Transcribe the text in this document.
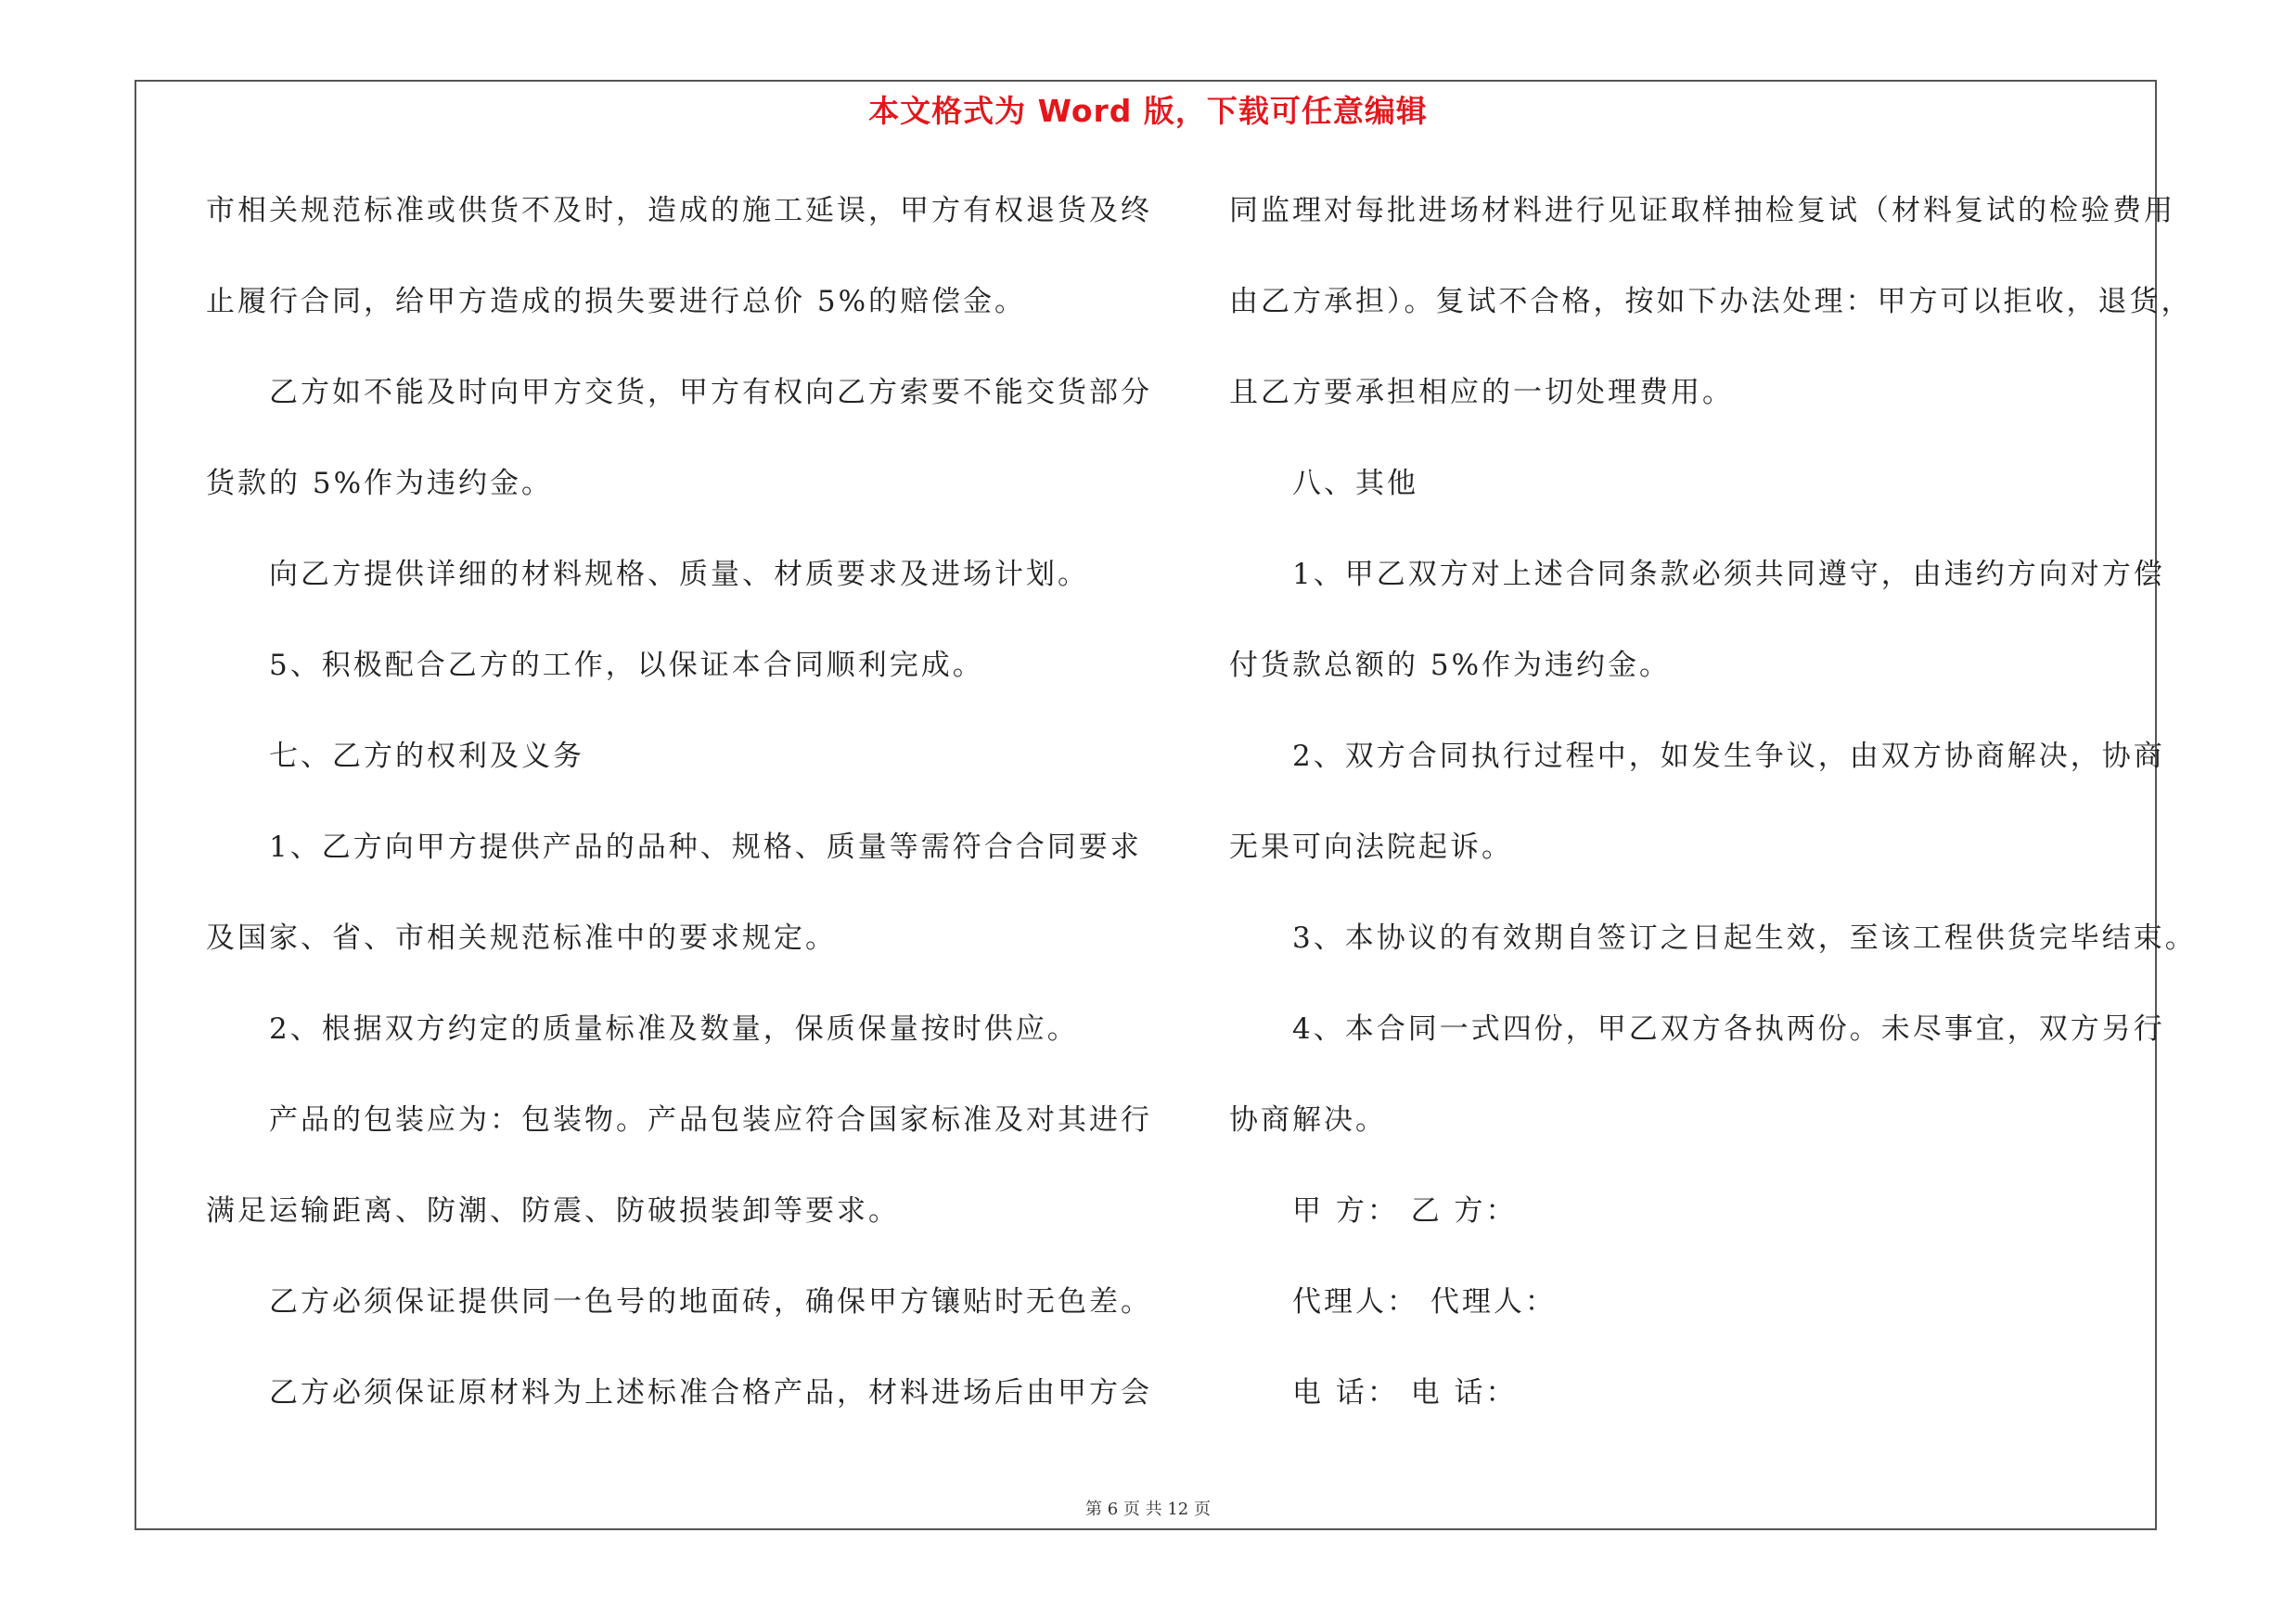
本文格式为 Word 版，下载可任意编辑
市相关规范标准或供货不及时，造成的施工延误，甲方有权退货及终
止履行合同，给甲方造成的损失要进行总价 5%的赔偿金。
乙方如不能及时向甲方交货，甲方有权向乙方索要不能交货部分
货款的 5%作为违约金。
向乙方提供详细的材料规格、质量、材质要求及进场计划。
5、积极配合乙方的工作，以保证本合同顺利完成。
七、乙方的权利及义务
1、乙方向甲方提供产品的品种、规格、质量等需符合合同要求
及国家、省、市相关规范标准中的要求规定。
2、根据双方约定的质量标准及数量，保质保量按时供应。
产品的包装应为：包装物。产品包装应符合国家标准及对其进行
满足运输距离、防潮、防震、防破损装卸等要求。
乙方必须保证提供同一色号的地面砖，确保甲方镶贴时无色差。
乙方必须保证原材料为上述标准合格产品，材料进场后由甲方会
同监理对每批进场材料进行见证取样抽检复试（材料复试的检验费用
由乙方承担）。复试不合格，按如下办法处理：甲方可以拒收，退货，
且乙方要承担相应的一切处理费用。
八、其他
1、甲乙双方对上述合同条款必须共同遵守，由违约方向对方偿
付货款总额的 5%作为违约金。
2、双方合同执行过程中，如发生争议，由双方协商解决，协商
无果可向法院起诉。
3、本协议的有效期自签订之日起生效，至该工程供货完毕结束。
4、本合同一式四份，甲乙双方各执两份。未尽事宜，双方另行
协商解决。
甲 方： 乙 方：
代理人： 代理人：
电 话： 电 话：
第 6 页 共 12 页
